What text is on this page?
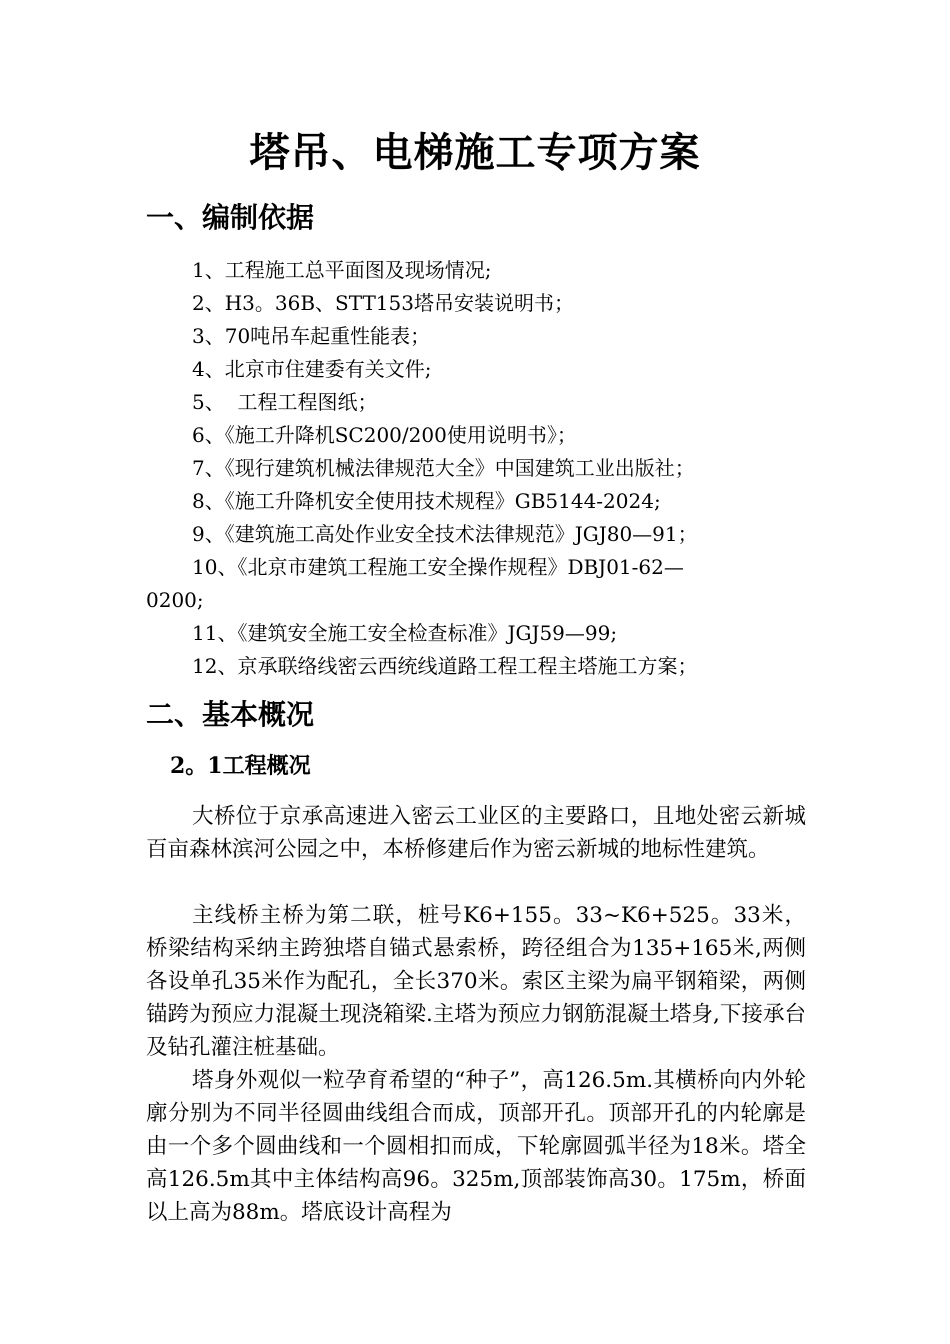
塔吊、电梯施工专项方案
一、编制依据
1、工程施工总平面图及现场情况;
2、H3。36B、STT153塔吊安装说明书；
3、70吨吊车起重性能表；
4、北京市住建委有关文件;
5、  工程工程图纸；
6、《施工升降机SC200/200使用说明书》；
7、《现行建筑机械法律规范大全》中国建筑工业出版社；
8、《施工升降机安全使用技术规程》GB5144-2024;
9、《建筑施工高处作业安全技术法律规范》JGJ80—91；
10、《北京市建筑工程施工安全操作规程》DBJ01-62—
0200;
11、《建筑安全施工安全检查标准》JGJ59—99;
12、京承联络线密云西统线道路工程工程主塔施工方案；
二、基本概况
2。1工程概况
大桥位于京承高速进入密云工业区的主要路口，且地处密云新城百亩森林滨河公园之中，本桥修建后作为密云新城的地标性建筑。
主线桥主桥为第二联，桩号K6+155。33~K6+525。33米，桥梁结构采纳主跨独塔自锚式悬索桥，跨径组合为135+165米,两侧各设单孔35米作为配孔，全长370米。索区主梁为扁平钢箱梁，两侧锚跨为预应力混凝土现浇箱梁.主塔为预应力钢筋混凝土塔身,下接承台及钻孔灌注桩基础。
塔身外观似一粒孕育希望的“种子”，高126.5m.其横桥向内外轮廓分别为不同半径圆曲线组合而成，顶部开孔。顶部开孔的内轮廓是由一个多个圆曲线和一个圆相扣而成，下轮廓圆弧半径为18米。塔全高126.5m其中主体结构高96。325m,顶部装饰高30。175m，桥面以上高为88m。塔底设计高程为
